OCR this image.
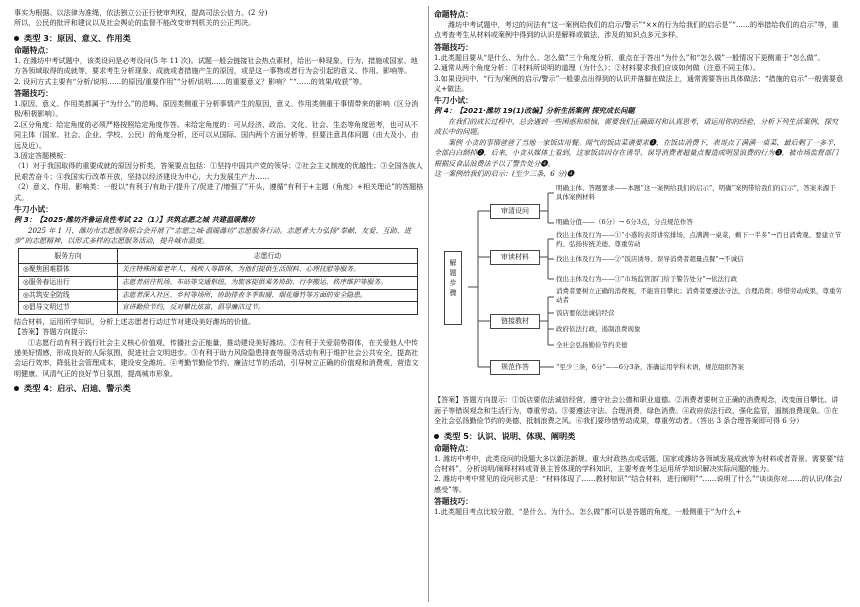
事实为根据、以法律为准绳，依法独立公正行使审判权，提高司法公信力。(2 分)

所以，公民的批评和建议以及社会舆论的监督不能改变审判机关的公正判决。

类型 3：原因、意义、作用类
命题特点：

1. 在潍坊中考试题中，该类设问是必考设问(5 年 11 次)。试题一般会链接社会热点素材，给出一种现象、行为、措施或国家、地方各领域取得的成就等，要求考生分析现象、成就或者措施产生的原因，或是这一事物或者行为会引起的意义、作用、影响等。

2. 设问方式主要有“分析/说明……的原因/重要作用”“分析/说明……的重要意义？影响？”“……的效果/收获”等。

答题技巧：

1.原因、意义、作用类都属于“为什么”的范畴。原因类侧重于分析事情产生的原因，意义、作用类侧重于事情带来的影响（区分消极/积极影响）。

2.区分角度：给定角度的必须严格按照给定角度作答。未给定角度的：可从经济、政治、文化、社会、生态等角度思考，也可从不同主体（国家、社会、企业、学校、公民）的角度分析，还可以从国际、国内两个方面分析等，但要注意具体问题（由大及小，由远及近）。

3.固定答题模板：

（1）对于我国取得的重要成就的原因分析类，答案要点包括：①坚持中国共产党的领导；②社会主义制度的优越性；③全国各族人民艰苦奋斗；④我国实行改革开放，坚持以经济建设为中心，大力发展生产力……

（2）意义、作用、影响类：一般以“有利于/有助于/提升了/促进了/增强了”开头，遵循“有利于+主题（角度）+相关理论”的答题格式。

牛刀小试：
例 3：【2025·潍坊齐鲁运良性考试 22（1）】共筑志愿之城 共建温暖潍坊

2025 年 1 月，潍坊市志愿服务联合会开展了“志愿之城·温暖潍坊”志愿服务行动。志愿者大力弘扬“奉献、友爱、互助、进步”的志愿精神，以形式多样的志愿服务活动，提升城市温度。

服务方向	志愿行动
◎聚焦困难群体	关注特殊困难老年人、残疾人等群体，为他们提供生活照料、心理抚慰等服务。
◎服务春运出行	志愿者前往机场、车站等交通枢纽，为旅客提供乘务协助、行李搬运、秩序维护等服务。
◎共筑安全防线	志愿者深入社区、乡村等场所，协助排查冬季取暖、烟花爆竹等方面的安全隐患。
◎倡导文明过节	宣讲勤俭节约，反对攀比炫富，倡导廉洁过节。

结合材料，运用所学知识，分析上述志愿者行动过节对建设美好潍坊的价值。

【答案】答题方向提示：

①志愿行动有利于践行社会主义核心价值观，传播社会正能量，推动建设美好潍坊。②有利于关爱弱势群体，在关爱他人中传递美好情感，形成良好的人际氛围，促进社会文明进步。③有利于助力风险隐患排查等服务活动有利于维护社会公共安全，提高社会运行效率，降低社会管理成本，建设安全潍坊。④考勤节勤俭节约、廉洁过节的活动，引导树立正确的价值观和消费观，营造文明健康、风清气正的良好节日氛围，提高城市形象。

类型 4：启示、启迪、警示类
命题特点：

潍坊中考试题中，考过的问法有“这一案例给我们的启示/警示”“××的行为给我们的启示是”“……的举措给我们的启示”等，重点考查考生从材料或案例中得到的认识是解释或做法，涉及的知识点多元多样。

答题技巧：

1.此类题目要从“是什么、为什么、怎么做”三个角度分析，重点在于答出“为什么”和“怎么做”一般情况下更侧重于“怎么做”。

2.通常从两个角度分析：①材料所说明的道理（为什么）；②材料要求我们应该如何做（注意不同主体）。

3.如果设问中，“行为/案例的启示/警示”一般要点出得到的认识并落脚在做法上，通常需要答出具体做法；“措施的启示”一般需要意义+做法。

牛刀小试：
例 4：【2021·潍坊 19(1)改编】分析生活案例 探究成长问题

在我们的成长过程中，总会遇到一些困惑和烦恼，需要我们正确面对和认真思考，请运用你的经验，分析下列生活案例，探究成长中的问题。

案例 小贪的事情爸爸了当地一家饭店用餐。闻气的饭店菜谱要求❶，在饭店消费下，表哥点了满满一桌菜，最后剩了一多半，全部白白倒掉❷，后来，小贪从媒体上看到，这家饭店因存在诱导、误导消费者超量点餐造成明显浪费的行为❸，被市场监督部门根据反食品浪费法予以了警告处分❹。

这一案例给我们的启示：(至少三条，6 分)❹

解题步骤
审清设问
审读材料
链接教材
规范作答
明确主体、答题要求——本题“这一案例给我们的启示”，明确“案例带给我们的启示”，答案来源于具体案例材料
明确分值——（6分）→ 6分3点，分点规范作答
找出主体及行为——①“小惑的表哥讲究排场，点满满一桌菜，剩下一半多”→百日消费观、要建立节约、弘扬传统美德、尊重劳动
找出主体及行为——②“饭店诱导、误导消费者超量点餐”→不诚信
找出主体及行为——③“市场监管部门给于警告处分”→依法行政
消费者要树立正确的消费观，不能盲目攀比；消费者要遵法守法，合理消费；珍惜劳动成果，尊重劳动者
饭店要依法诚信经营
政府依法行政，遏制浪费现象
全社会弘扬勤俭节约美德
“至少三条，6分”——6分3条，准确运用学科术语，规范组织答案

【答案】答题方向提示：①饭店要依法诚信经营，遵守社会公德和职业道德。②消费者要树立正确的消费观念，改变面目攀比、讲面子等错误观念和生活行为，尊重劳动。③要遵法守法、合理消费，绿色消费。④政府依法行政，强化监管，遏制浪费现象。⑤在全社会弘扬勤俭节约的美德，抵制浪费之风。⑥我们要珍惜劳动成果，尊重劳动者。（答出 3 条合理答案即可得 6 分）

类型 5：认识、说明、体现、阐明类
命题特点：

1. 潍坊中考中，此类设问的设题大多以新法新规、重大时政热点或话题、国家或潍坊各领域发展成就等为材料或者背景。需要要“结合材料”，分析说明/阐释材料或背景主旨体现的学科知识，主要考查考生运用所学知识解决实际问题的能力。

2. 潍坊中考中常见的设问形式是：“材料体现了……教材知识”“结合材料，进行阐明”“……说明了什么”“谈谈你对……的认识/体会/感受”等。

答题技巧：

1.此类题目考点比较分散，“是什么、为什么、怎么做”都可以是答题的角度，一般侧重于“为什么+
